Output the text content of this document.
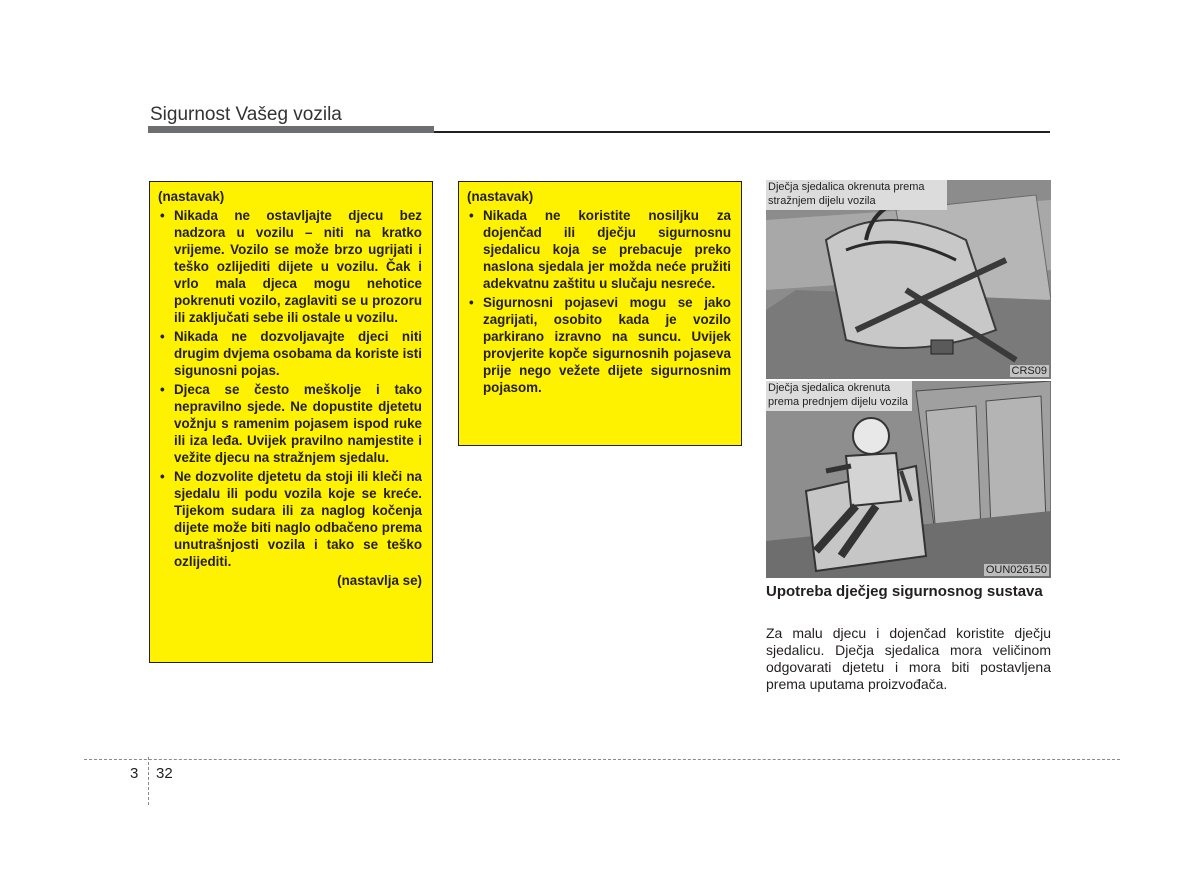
Sigurnost Vašeg vozila
(nastavak)
• Nikada ne ostavljajte djecu bez nadzora u vozilu – niti na kratko vrijeme. Vozilo se može brzo ugrijati i teško ozlijediti dijete u vozilu. Čak i vrlo mala djeca mogu nehotice pokrenuti vozilo, zaglaviti se u prozoru ili zaključati sebe ili ostale u vozilu.
• Nikada ne dozvoljavajte djeci niti drugim dvjema osobama da koriste isti sigunosni pojas.
• Djeca se često meškolje i tako nepravilno sjede. Ne dopustite djetetu vožnju s ramenim pojasem ispod ruke ili iza leđa. Uvijek pravilno namjestite i vežite djecu na stražnjem sjedalu.
• Ne dozvolite djetetu da stoji ili kleči na sjedalu ili podu vozila koje se kreće. Tijekom sudara ili za naglog kočenja dijete može biti naglo odbačeno prema unutrašnjosti vozila i tako se teško ozlijediti.
(nastavlja se)
(nastavak)
• Nikada ne koristite nosiljku za dojenčad ili dječju sigurnosnu sjedalicu koja se prebacuje preko naslona sjedala jer možda neće pružiti adekvatnu zaštitu u slučaju nesreće.
• Sigurnosni pojasevi mogu se jako zagrijati, osobito kada je vozilo parkirano izravno na suncu. Uvijek provjerite kopče sigurnosnih pojaseva prije nego vežete dijete sigurnosnim pojasom.
Dječja sjedalica okrenuta prema stražnjem dijelu vozila
CRS09
Dječja sjedalica okrenuta prema prednjem dijelu vozila
OUN026150
Upotreba dječjeg sigurnosnog sustava
Za malu djecu i dojenčad koristite dječju sjedalicu. Dječja sjedalica mora veličinom odgovarati djetetu i mora biti postavljena prema uputama proizvođača.
3 32
